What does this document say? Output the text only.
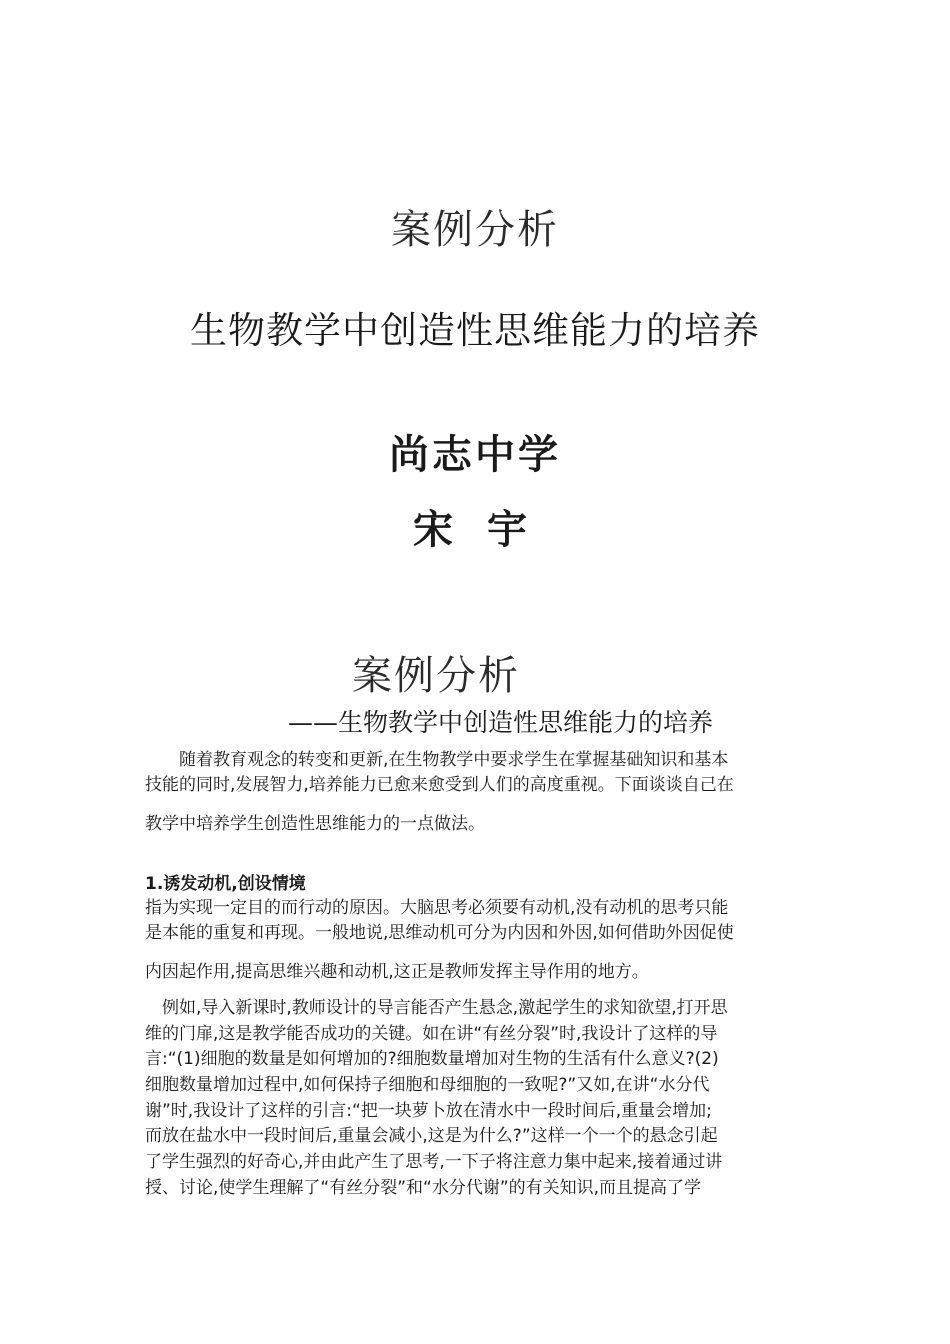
案例分析
生物教学中创造性思维能力的培养
尚志中学
宋 宇
案例分析
——生物教学中创造性思维能力的培养
　　随着教育观念的转变和更新,在生物教学中要求学生在掌握基础知识和基本
技能的同时,发展智力,培养能力已愈来愈受到人们的高度重视。下面谈谈自己在
教学中培养学生创造性思维能力的一点做法。
1.诱发动机,创设情境
指为实现一定目的而行动的原因。大脑思考必须要有动机,没有动机的思考只能
是本能的重复和再现。一般地说,思维动机可分为内因和外因,如何借助外因促使
内因起作用,提高思维兴趣和动机,这正是教师发挥主导作用的地方。
　例如,导入新课时,教师设计的导言能否产生悬念,激起学生的求知欲望,打开思
维的门扉,这是教学能否成功的关键。如在讲“有丝分裂”时,我设计了这样的导
言:“(1)细胞的数量是如何增加的?细胞数量增加对生物的生活有什么意义?(2)
细胞数量增加过程中,如何保持子细胞和母细胞的一致呢?”又如,在讲“水分代
谢”时,我设计了这样的引言:“把一块萝卜放在清水中一段时间后,重量会增加;
而放在盐水中一段时间后,重量会减小,这是为什么?”这样一个一个的悬念引起
了学生强烈的好奇心,并由此产生了思考,一下子将注意力集中起来,接着通过讲
授、讨论,使学生理解了“有丝分裂”和“水分代谢”的有关知识,而且提高了学
